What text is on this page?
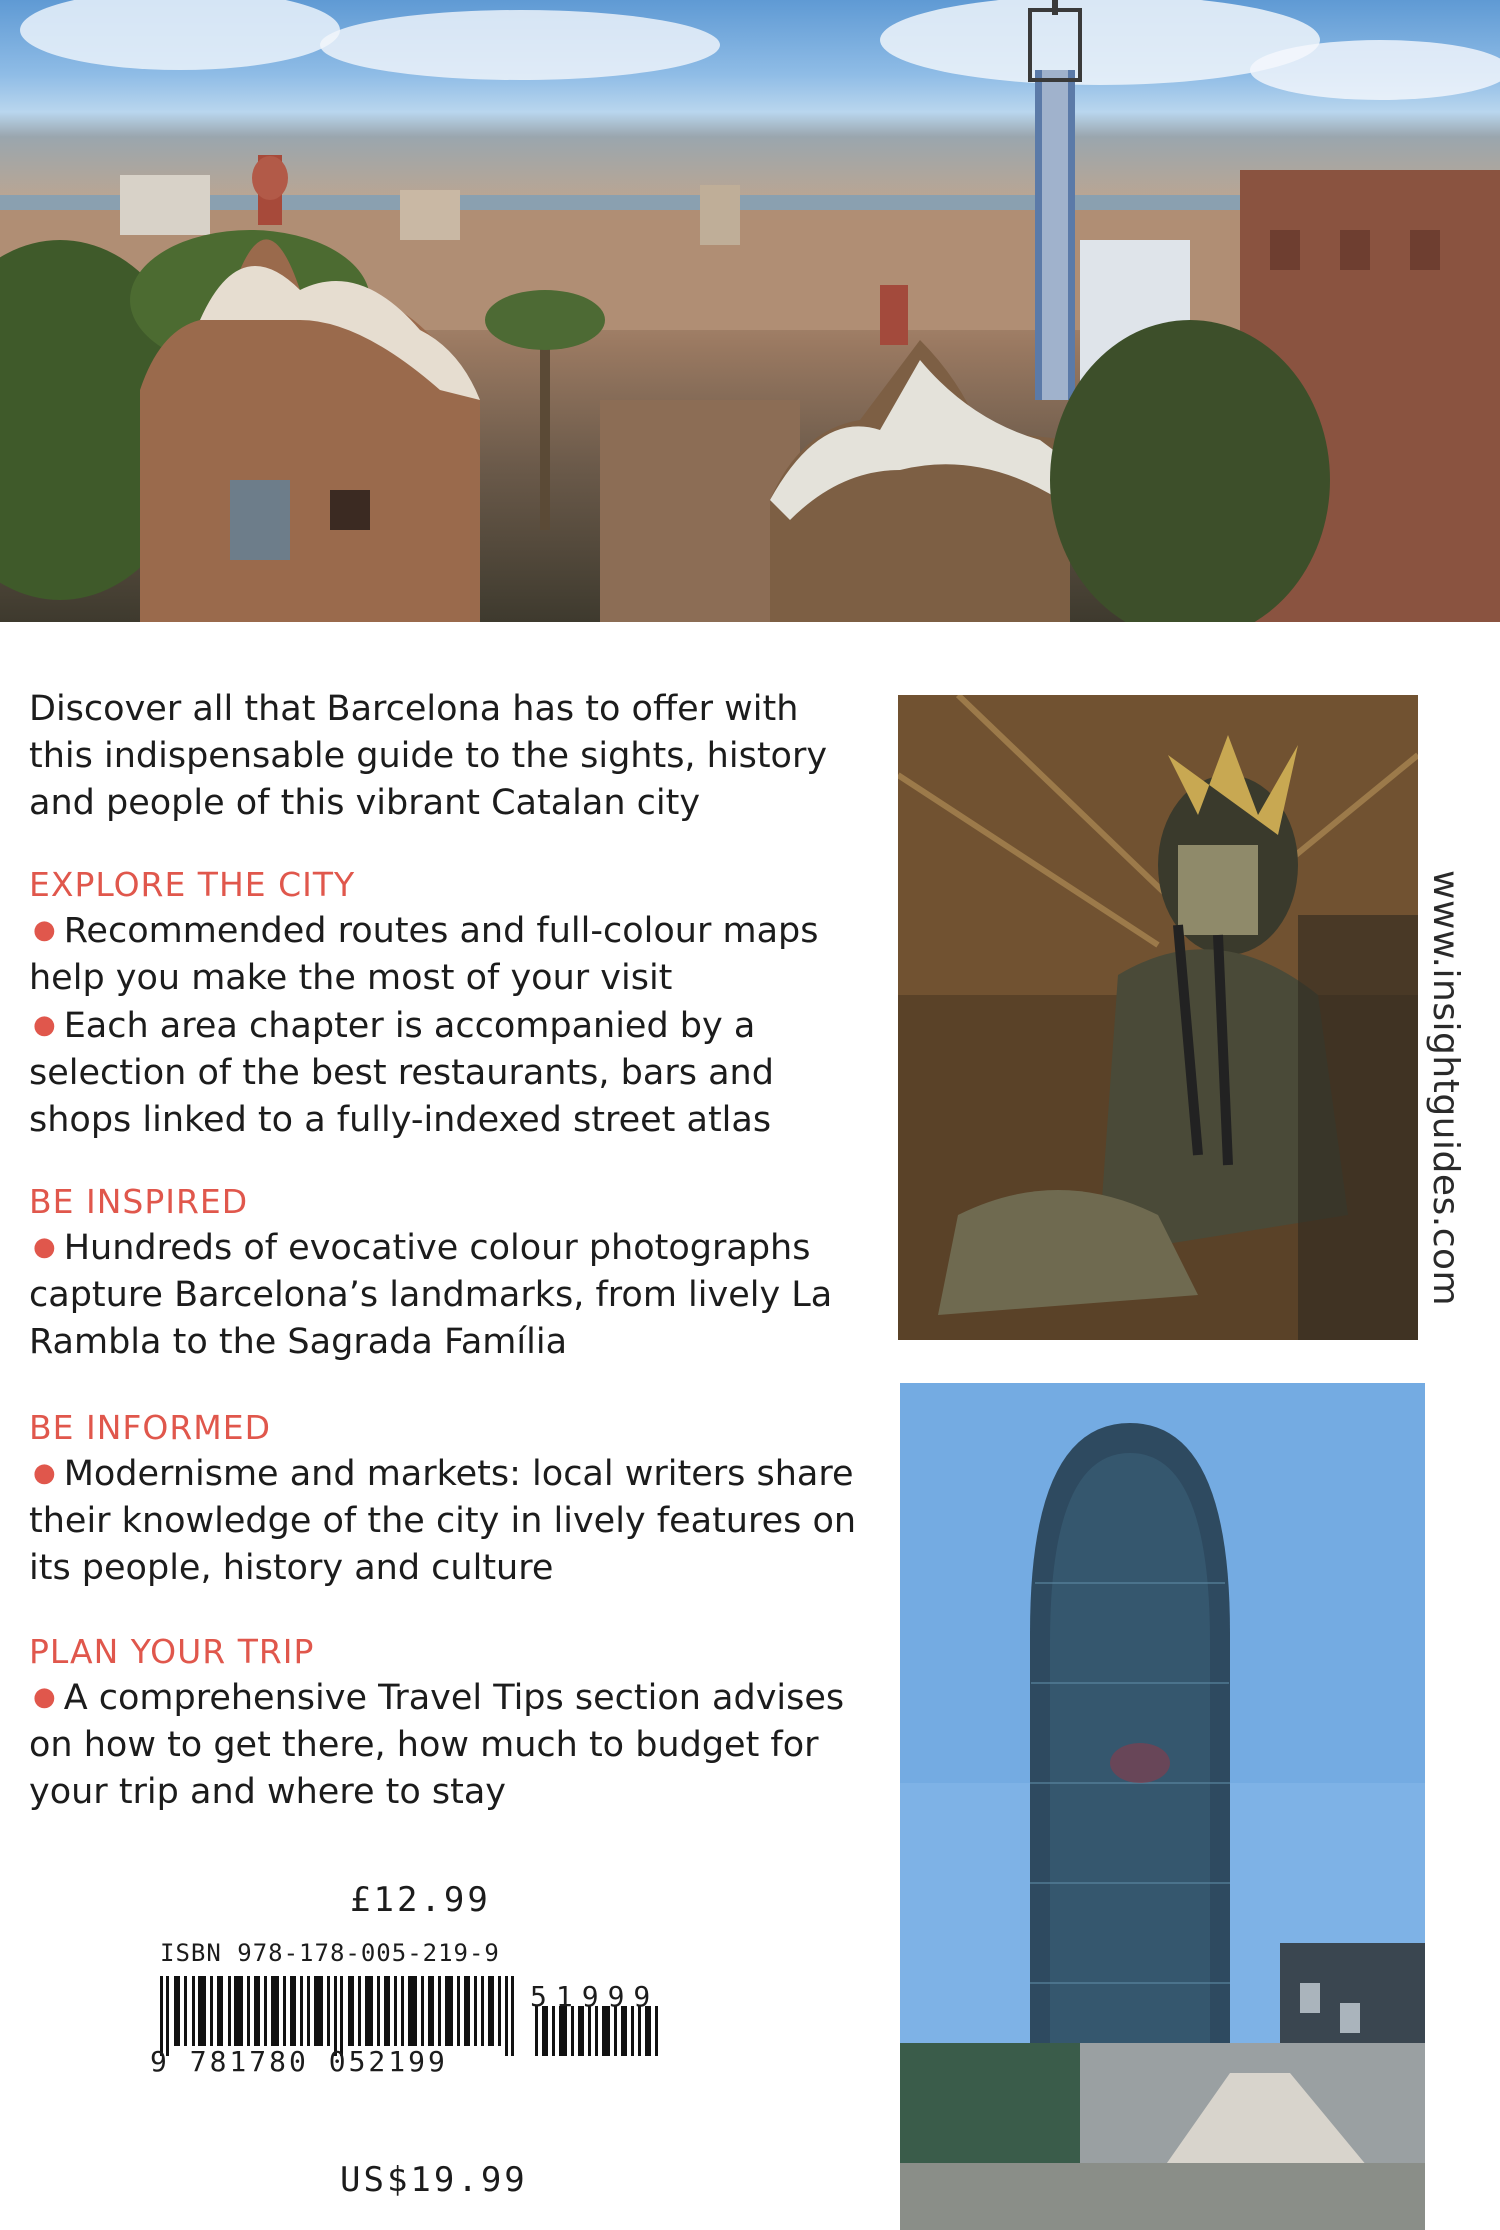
Discover all that Barcelona has to offer with this indispensable guide to the sights, history and people of this vibrant Catalan city

EXPLORE THE CITY

● Recommended routes and full-colour maps help you make the most of your visit

● Each area chapter is accompanied by a selection of the best restaurants, bars and shops linked to a fully-indexed street atlas

BE INSPIRED

● Hundreds of evocative colour photographs capture Barcelona’s landmarks, from lively La Rambla to the Sagrada Família

BE INFORMED

● Modernisme and markets: local writers share their knowledge of the city in lively features on its people, history and culture

PLAN YOUR TRIP

● A comprehensive Travel Tips section advises on how to get there, how much to budget for your trip and where to stay

www.insightguides.com
£12.99
ISBN 978-178-005-219-9
51999
9 781780 052199
US$19.99
